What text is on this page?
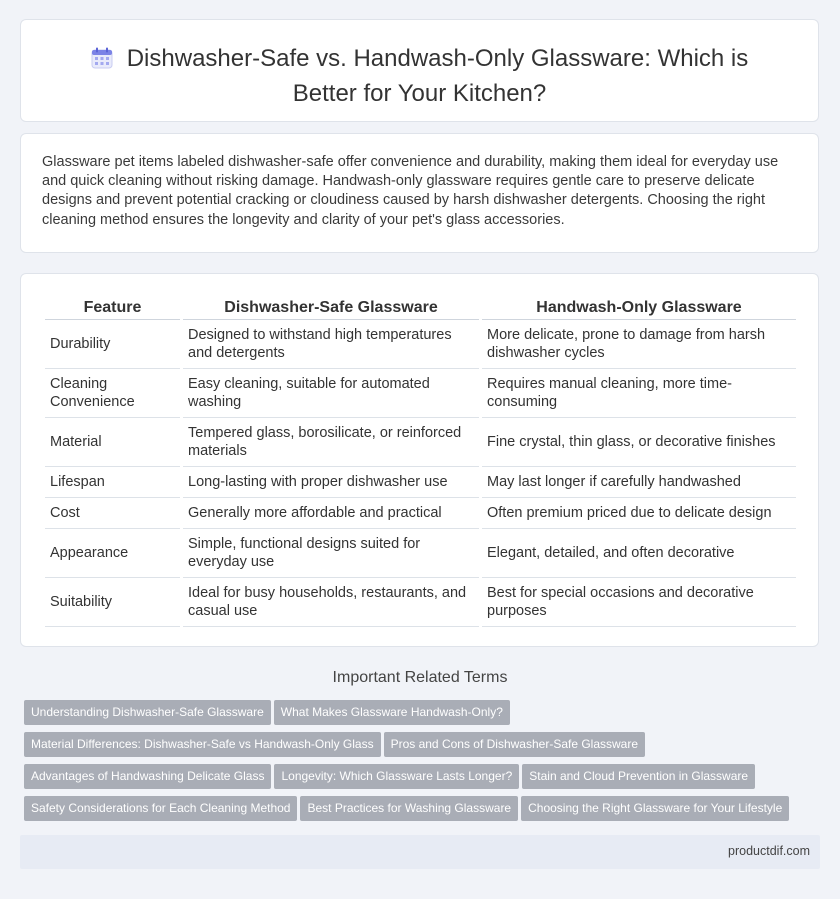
Dishwasher-Safe vs. Handwash-Only Glassware: Which is Better for Your Kitchen?

Glassware pet items labeled dishwasher-safe offer convenience and durability, making them ideal for everyday use and quick cleaning without risking damage. Handwash-only glassware requires gentle care to preserve delicate designs and prevent potential cracking or cloudiness caused by harsh dishwasher detergents. Choosing the right cleaning method ensures the longevity and clarity of your pet's glass accessories.

Feature	Dishwasher-Safe Glassware	Handwash-Only Glassware
Durability	Designed to withstand high temperatures and detergents	More delicate, prone to damage from harsh dishwasher cycles
Cleaning Convenience	Easy cleaning, suitable for automated washing	Requires manual cleaning, more time-consuming
Material	Tempered glass, borosilicate, or reinforced materials	Fine crystal, thin glass, or decorative finishes
Lifespan	Long-lasting with proper dishwasher use	May last longer if carefully handwashed
Cost	Generally more affordable and practical	Often premium priced due to delicate design
Appearance	Simple, functional designs suited for everyday use	Elegant, detailed, and often decorative
Suitability	Ideal for busy households, restaurants, and casual use	Best for special occasions and decorative purposes
Important Related Terms
Understanding Dishwasher-Safe Glassware What Makes Glassware Handwash-Only?
Material Differences: Dishwasher-Safe vs Handwash-Only Glass Pros and Cons of Dishwasher-Safe Glassware
Advantages of Handwashing Delicate Glass Longevity: Which Glassware Lasts Longer? Stain and Cloud Prevention in Glassware
Safety Considerations for Each Cleaning Method Best Practices for Washing Glassware Choosing the Right Glassware for Your Lifestyle
productdif.com
